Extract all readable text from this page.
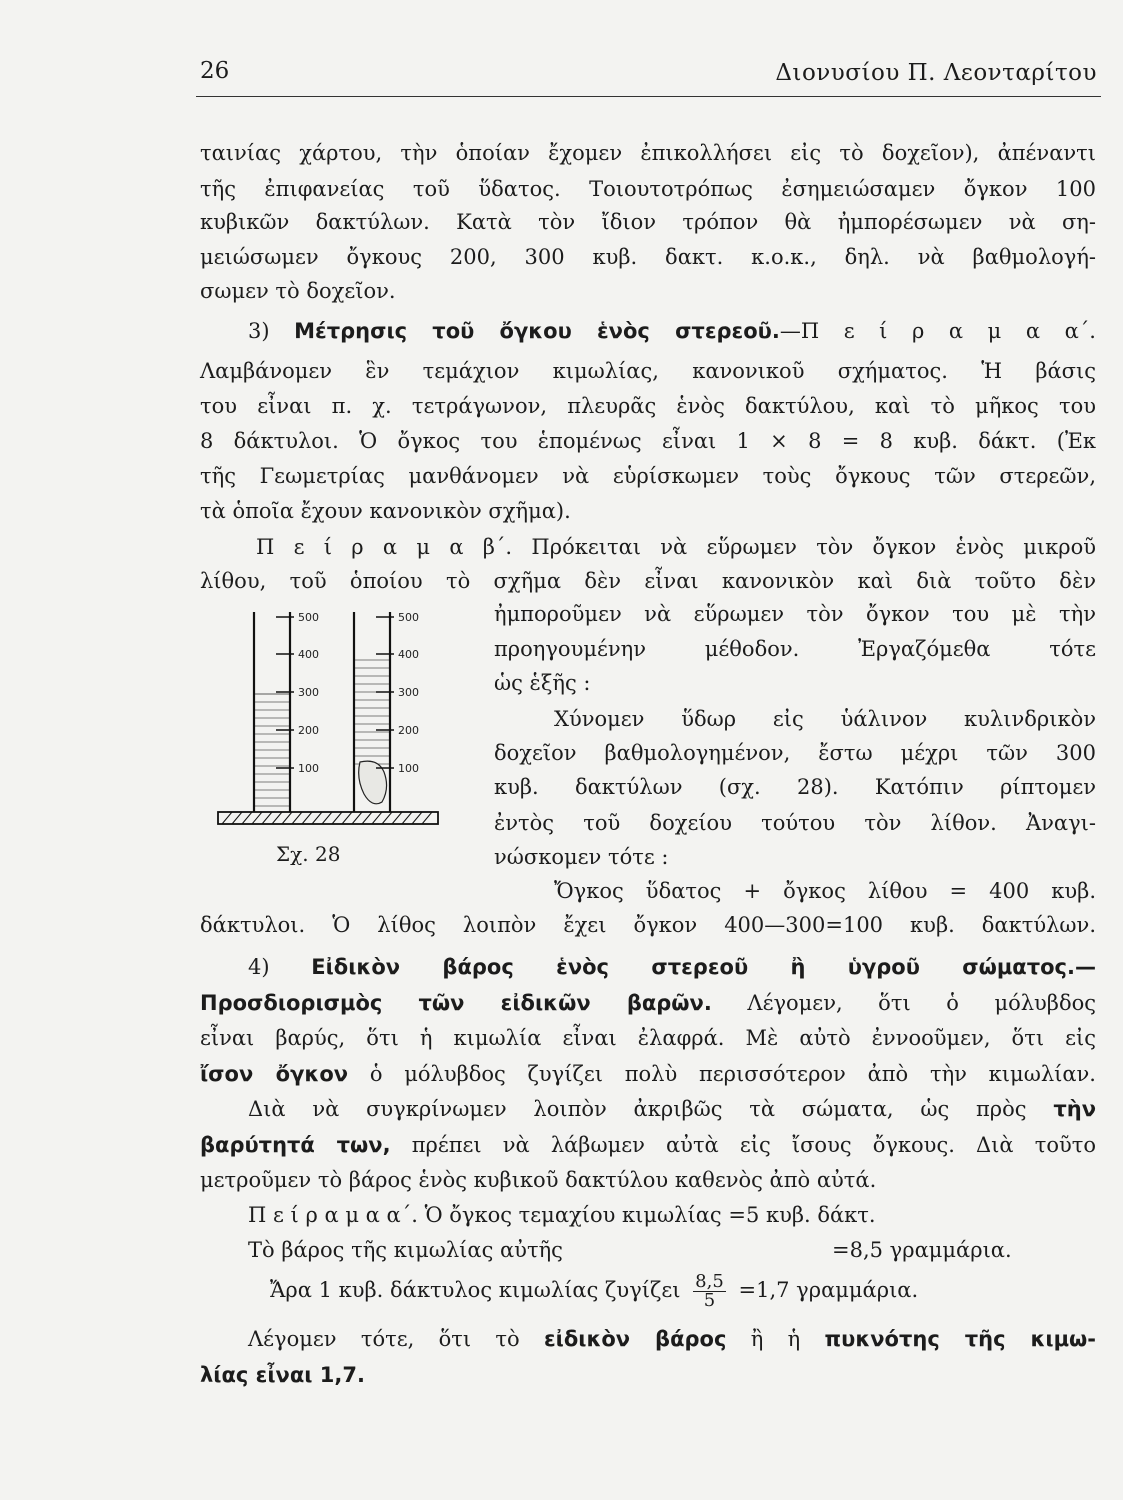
26	Διονυσίου Π. Λεονταρίτου
ταινίας χάρτου, τὴν ὁποίαν ἔχομεν ἐπικολλήσει εἰς τὸ δοχεῖον), ἀπέναντι
τῆς ἐπιφανείας τοῦ ὕδατος. Τοιουτοτρόπως ἐσημειώσαμεν ὄγκον 100
κυβικῶν δακτύλων. Κατὰ τὸν ἴδιον τρόπον θὰ ἠμπορέσωμεν νὰ ση-
μειώσωμεν ὄγκους 200, 300 κυβ. δακτ. κ.ο.κ., δηλ. νὰ βαθμολογή-
σωμεν τὸ δοχεῖον.
3) Μέτρησις τοῦ ὄγκου ἑνὸς στερεοῦ.—Π ε ί ρ α μ α α΄.
Λαμβάνομεν ἓν τεμάχιον κιμωλίας, κανονικοῦ σχήματος. Ἡ βάσις
του εἶναι π. χ. τετράγωνον, πλευρᾶς ἑνὸς δακτύλου, καὶ τὸ μῆκος του
8 δάκτυλοι. Ὁ ὄγκος του ἑπομένως εἶναι 1 × 8 = 8 κυβ. δάκτ. (Ἐκ
τῆς Γεωμετρίας μανθάνομεν νὰ εὑρίσκωμεν τοὺς ὄγκους τῶν στερεῶν,
τὰ ὁποῖα ἔχουν κανονικὸν σχῆμα).
Π ε ί ρ α μ α β΄. Πρόκειται νὰ εὕρωμεν τὸν ὄγκον ἑνὸς μικροῦ
λίθου, τοῦ ὁποίου τὸ σχῆμα δὲν εἶναι κανονικὸν καὶ διὰ τοῦτο δὲν
ἠμποροῦμεν νὰ εὕρωμεν τὸν ὄγκον του μὲ τὴν
προηγουμένην μέθοδον. Ἐργαζόμεθα τότε
ὡς ἑξῆς :
Χύνομεν ὕδωρ εἰς ὑάλινον κυλινδρικὸν
δοχεῖον βαθμολογημένον, ἔστω μέχρι τῶν 300
κυβ. δακτύλων (σχ. 28). Κατόπιν ρίπτομεν
ἐντὸς τοῦ δοχείου τούτου τὸν λίθον. Ἀναγι-
νώσκομεν τότε :
Ὄγκος ὕδατος + ὄγκος λίθου = 400 κυβ.
500
400
300
200
100
500
400
300
200
100
Σχ. 28
δάκτυλοι. Ὁ λίθος λοιπὸν ἔχει ὄγκον 400—300=100 κυβ. δακτύλων.
4) Εἰδικὸν βάρος ἑνὸς στερεοῦ ἢ ὑγροῦ σώματος.—
Προσδιορισμὸς τῶν εἰδικῶν βαρῶν. Λέγομεν, ὅτι ὁ μόλυβδος
εἶναι βαρύς, ὅτι ἡ κιμωλία εἶναι ἐλαφρά. Μὲ αὐτὸ ἐννοοῦμεν, ὅτι εἰς
ἴσον ὄγκον ὁ μόλυβδος ζυγίζει πολὺ περισσότερον ἀπὸ τὴν κιμωλίαν.
Διὰ νὰ συγκρίνωμεν λοιπὸν ἀκριβῶς τὰ σώματα, ὡς πρὸς τὴν
βαρύτητά των, πρέπει νὰ λάβωμεν αὐτὰ εἰς ἴσους ὄγκους. Διὰ τοῦτο
μετροῦμεν τὸ βάρος ἑνὸς κυβικοῦ δακτύλου καθενὸς ἀπὸ αὐτά.
Π ε ί ρ α μ α α΄. Ὁ ὄγκος τεμαχίου κιμωλίας =5 κυβ. δάκτ.
Τὸ βάρος τῆς κιμωλίας αὐτῆς	=8,5 γραμμάρια.
Ἄρα 1 κυβ. δάκτυλος κιμωλίας ζυγίζει $\frac{8,5}{5} =1,7$ γραμμάρια.
Λέγομεν τότε, ὅτι τὸ εἰδικὸν βάρος ἢ ἡ πυκνότης τῆς κιμω-
λίας εἶναι 1,7.
